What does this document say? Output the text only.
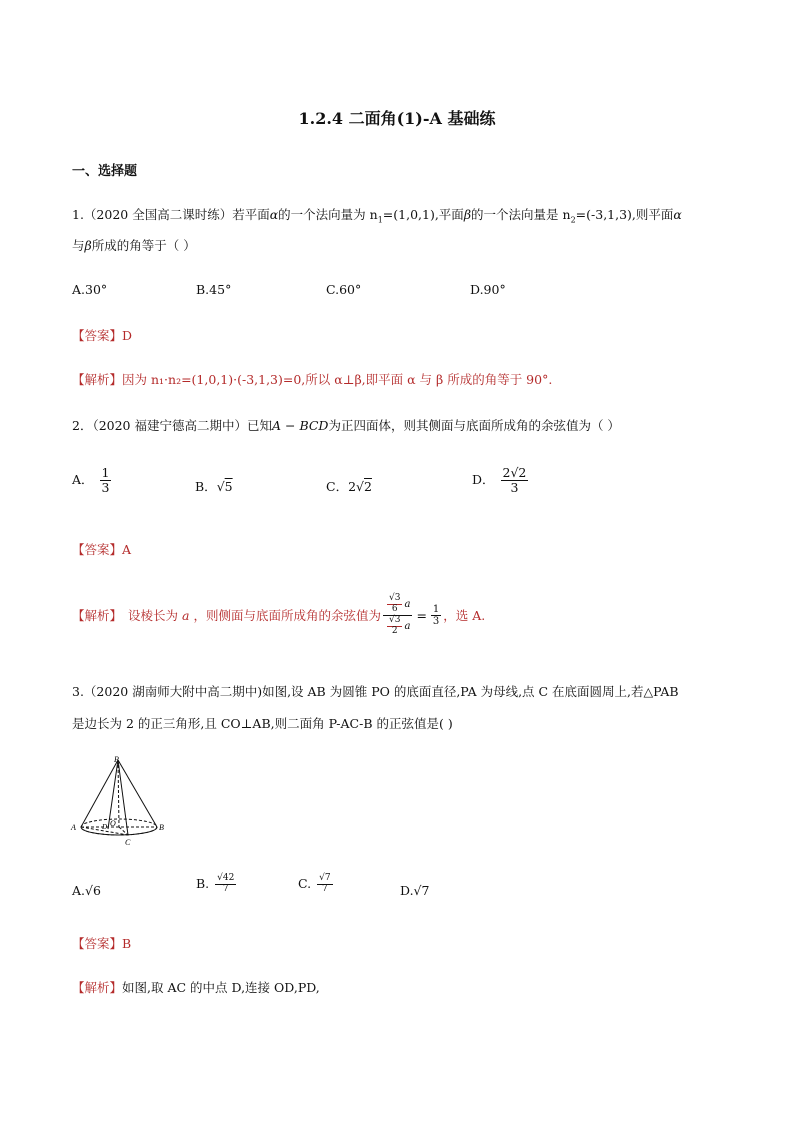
1.2.4 二面角(1)-A 基础练
一、选择题
1.（2020 全国高二课时练）若平面α的一个法向量为 $n_1=(1,0,1)$,平面β的一个法向量是 $n_2=(-3,1,3)$,则平面α
与β所成的角等于（ ）
A.30°	B.45°	C.60°	D.90°
【答案】D
【解析】因为 n₁·n₂=(1,0,1)·(-3,1,3)=0,所以 α⊥β,即平面 α 与 β 所成的角等于 90°.
2．（2020 福建宁德高二期中）已知A − BCD为正四面体，则其侧面与底面所成角的余弦值为（ ）
A． $\frac{1}{3}$	B．√5	C．2√2	D． $\frac{2√2}{3}$
【答案】A
【解析】 设棱长为 a ，则侧面与底面所成角的余弦值为 $\frac{\frac{√3}{6} a}{\frac{√3}{2} a} = \frac{1}{3}$ ，选 A.
3.（2020 湖南师大附中高二期中)如图,设 AB 为圆锥 PO 的底面直径,PA 为母线,点 C 在底面圆周上,若△PAB
是边长为 2 的正三角形,且 CO⊥AB,则二面角 P-AC-B 的正弦值是( )
P
A	B
C
O
D
A.√6	B. $\frac{√42}{7}$	C. $\frac{√7}{7}$	D.√7
【答案】B
【解析】如图,取 AC 的中点 D,连接 OD,PD,
